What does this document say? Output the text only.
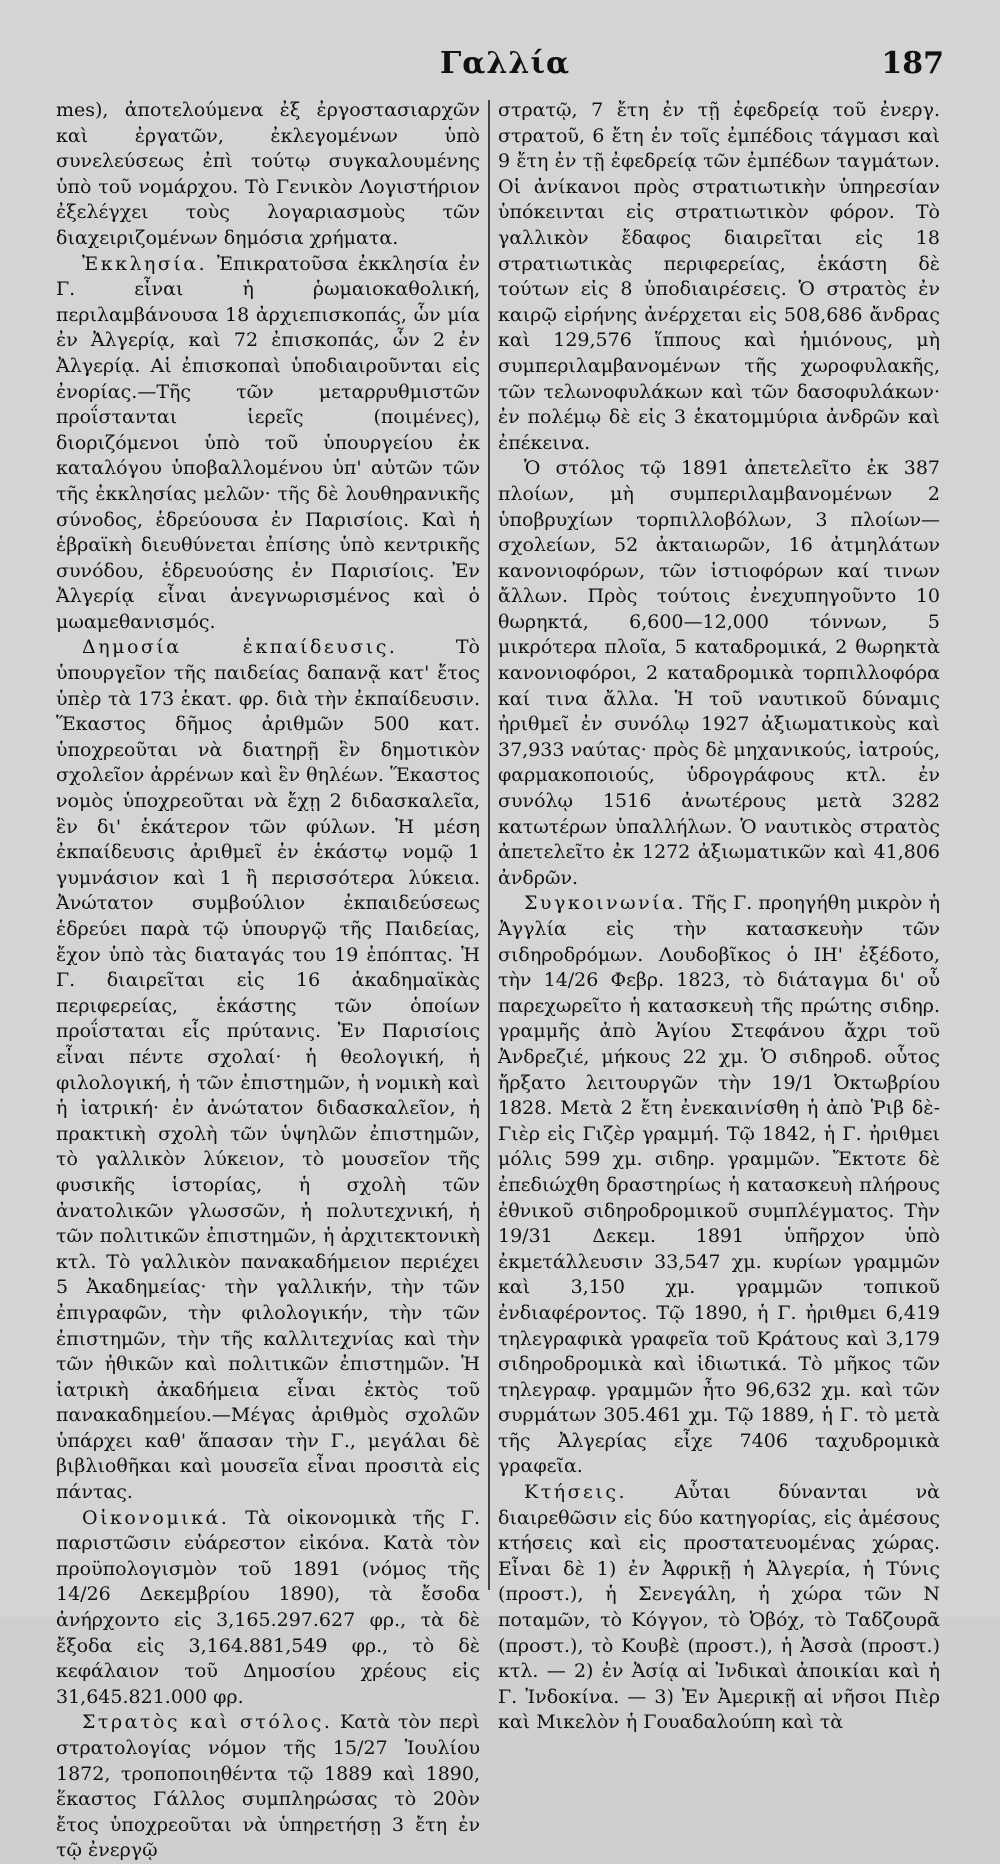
Γαλλία	187

mes), ἀποτελούμενα ἐξ ἐργοστασιαρχῶν καὶ ἐργατῶν, ἐκλεγομένων ὑπὸ συνελεύσεως ἐπὶ τούτῳ συγκαλουμένης ὑπὸ τοῦ νομάρχου. Τὸ Γενικὸν Λογιστήριον ἐξελέγχει τοὺς λογαριασμοὺς τῶν διαχειριζομένων δημόσια χρήματα.

Ἐκκλησία. Ἐπικρατοῦσα ἐκκλησία ἐν Γ. εἶναι ἡ ῥωμαιοκαθολική, περιλαμβάνουσα 18 ἀρχιεπισκοπάς, ὧν μία ἐν Ἀλγερίᾳ, καὶ 72 ἐπισκοπάς, ὧν 2 ἐν Ἀλγερίᾳ. Αἱ ἐπισκοπαὶ ὑποδιαιροῦνται εἰς ἐνορίας.—Τῆς τῶν μεταρρυθμιστῶν προΐστανται ἱερεῖς (ποιμένες), διοριζόμενοι ὑπὸ τοῦ ὑπουργείου ἐκ καταλόγου ὑποβαλλομένου ὑπ' αὐτῶν τῶν τῆς ἐκκλησίας μελῶν· τῆς δὲ λουθηρανικῆς σύνοδος, ἑδρεύουσα ἐν Παρισίοις. Καὶ ἡ ἑβραϊκὴ διευθύνεται ἐπίσης ὑπὸ κεντρικῆς συνόδου, ἑδρευούσης ἐν Παρισίοις. Ἐν Ἀλγερίᾳ εἶναι ἀνεγνωρισμένος καὶ ὁ μωαμεθανισμός.

Δημοσία ἐκπαίδευσις.	Τὸ ὑπουργεῖον τῆς παιδείας δαπανᾷ κατ' ἔτος ὑπὲρ τὰ 173 ἑκατ. φρ. διὰ τὴν ἐκπαίδευσιν. Ἕκαστος δῆμος ἀριθμῶν 500 κατ. ὑποχρεοῦται νὰ διατηρῇ ἓν δημοτικὸν σχολεῖον ἀρρένων καὶ ἓν θηλέων. Ἕκαστος νομὸς ὑποχρεοῦται νὰ ἔχῃ 2 διδασκαλεῖα, ἓν δι' ἑκάτερον τῶν φύλων. Ἡ μέση ἐκπαίδευσις ἀριθμεῖ ἐν ἑκάστῳ νομῷ 1 γυμνάσιον καὶ 1 ἢ περισσότερα λύκεια. Ἀνώτατον συμβούλιον ἐκπαιδεύσεως ἑδρεύει παρὰ τῷ ὑπουργῷ τῆς Παιδείας, ἔχον ὑπὸ τὰς διαταγάς του 19 ἐπόπτας. Ἡ Γ. διαιρεῖται εἰς 16 ἀκαδημαϊκὰς περιφερείας, ἑκάστης τῶν ὁποίων προΐσταται εἷς πρύτανις. Ἐν Παρισίοις εἶναι πέντε σχολαί· ἡ θεολογική, ἡ φιλολογική, ἡ τῶν ἐπιστημῶν, ἡ νομικὴ καὶ ἡ ἰατρική· ἐν ἀνώτατον διδασκαλεῖον, ἡ πρακτικὴ σχολὴ τῶν ὑψηλῶν ἐπιστημῶν, τὸ γαλλικὸν λύκειον, τὸ μουσεῖον τῆς φυσικῆς ἱστορίας, ἡ σχολὴ τῶν ἀνατολικῶν γλωσσῶν, ἡ πολυτεχνική, ἡ τῶν πολιτικῶν ἐπιστημῶν, ἡ ἀρχιτεκτονικὴ κτλ. Τὸ γαλλικὸν πανακαδήμειον περιέχει 5 Ἀκαδημείας· τὴν γαλλικήν, τὴν τῶν ἐπιγραφῶν, τὴν φιλολογικήν, τὴν τῶν ἐπιστημῶν, τὴν τῆς καλλιτεχνίας καὶ τὴν τῶν ἠθικῶν καὶ πολιτικῶν ἐπιστημῶν. Ἡ ἰατρικὴ ἀκαδήμεια εἶναι ἐκτὸς τοῦ πανακαδημείου.—Μέγας ἀριθμὸς σχολῶν ὑπάρχει καθ' ἅπασαν τὴν Γ., μεγάλαι δὲ βιβλιοθῆκαι καὶ μουσεῖα εἶναι προσιτὰ εἰς πάντας.

Οἰκονομικά. Τὰ οἰκονομικὰ τῆς Γ. παριστῶσιν εὐάρεστον εἰκόνα. Κατὰ τὸν προϋπολογισμὸν τοῦ 1891 (νόμος τῆς 14/26 Δεκεμβρίου 1890), τὰ ἔσοδα ἀνήρχοντο εἰς 3,165.297.627 φρ., τὰ δὲ ἔξοδα εἰς 3,164.881,549 φρ., τὸ δὲ κεφάλαιον τοῦ Δημοσίου χρέους εἰς 31,645.821.000 φρ.

Στρατὸς καὶ στόλος. Κατὰ τὸν περὶ στρατολογίας νόμον τῆς 15/27 Ἰουλίου 1872, τροποποιηθέντα τῷ 1889 καὶ 1890, ἕκαστος Γάλλος συμπληρώσας τὸ 20ὸν ἔτος ὑποχρεοῦται νὰ ὑπηρετήσῃ 3 ἔτη ἐν τῷ ἐνεργῷ

στρατῷ, 7 ἔτη ἐν τῇ ἐφεδρείᾳ τοῦ ἐνεργ. στρατοῦ, 6 ἔτη ἐν τοῖς ἐμπέδοις τάγμασι καὶ 9 ἔτη ἐν τῇ ἐφεδρείᾳ τῶν ἐμπέδων ταγμάτων. Οἱ ἀνίκανοι πρὸς στρατιωτικὴν ὑπηρεσίαν ὑπόκεινται εἰς στρατιωτικὸν φόρον. Τὸ γαλλικὸν ἔδαφος διαιρεῖται εἰς 18 στρατιωτικὰς περιφερείας, ἑκάστη δὲ τούτων εἰς 8 ὑποδιαιρέσεις. Ὁ στρατὸς ἐν καιρῷ εἰρήνης ἀνέρχεται εἰς 508,686 ἄνδρας καὶ 129,576 ἵππους καὶ ἡμιόνους, μὴ συμπεριλαμβανομένων τῆς χωροφυλακῆς, τῶν τελωνοφυλάκων καὶ τῶν δασοφυλάκων· ἐν πολέμῳ δὲ εἰς 3 ἑκατομμύρια ἀνδρῶν καὶ ἐπέκεινα.

Ὁ στόλος τῷ 1891 ἀπετελεῖτο ἐκ 387 πλοίων, μὴ συμπεριλαμβανομένων 2 ὑποβρυχίων τορπιλλοβόλων, 3 πλοίων—σχολείων, 52 ἀκταιωρῶν, 16 ἀτμηλάτων κανονιοφόρων, τῶν ἱστιοφόρων καί τινων ἄλλων. Πρὸς τούτοις ἐνεχυπηγοῦντο 10 θωρηκτά, 6,600—12,000 τόννων, 5 μικρότερα πλοῖα, 5 καταδρομικά, 2 θωρηκτὰ κανονιοφόροι, 2 καταδρομικὰ τορπιλλοφόρα καί τινα ἄλλα. Ἡ τοῦ ναυτικοῦ δύναμις ἠριθμεῖ ἐν συνόλῳ 1927 ἀξιωματικοὺς καὶ 37,933 ναύτας· πρὸς δὲ μηχανικούς, ἰατρούς, φαρμακοποιούς, ὑδρογράφους κτλ. ἐν συνόλῳ 1516 ἀνωτέρους μετὰ 3282 κατωτέρων ὑπαλλήλων. Ὁ ναυτικὸς στρατὸς ἀπετελεῖτο ἐκ 1272 ἀξιωματικῶν καὶ 41,806 ἀνδρῶν.

Συγκοινωνία. Τῆς Γ. προηγήθη μικρὸν ἡ Ἀγγλία εἰς τὴν κατασκευὴν τῶν σιδηροδρόμων. Λουδοβῖκος ὁ ΙΗ' ἐξέδοτο, τὴν 14/26 Φεβρ. 1823, τὸ διάταγμα δι' οὗ παρεχωρεῖτο ἡ κατασκευὴ τῆς πρώτης σιδηρ. γραμμῆς ἀπὸ Ἁγίου Στεφάνου ἄχρι τοῦ Ἀνδρεζιέ, μήκους 22 χμ. Ὁ σιδηροδ. οὗτος ἤρξατο λειτουργῶν τὴν 19/1 Ὀκτωβρίου 1828. Μετὰ 2 ἔτη ἐνεκαινίσθη ἡ ἀπὸ Ῥιβ δὲ-Γιὲρ εἰς Γιζὲρ γραμμή. Τῷ 1842, ἡ Γ. ἠριθμει μόλις 599 χμ. σιδηρ. γραμμῶν. Ἔκτοτε δὲ ἐπεδιώχθη δραστηρίως ἡ κατασκευὴ πλήρους ἐθνικοῦ σιδηροδρομικοῦ συμπλέγματος. Τὴν 19/31 Δεκεμ. 1891 ὑπῆρχον ὑπὸ ἐκμετάλλευσιν 33,547 χμ. κυρίων γραμμῶν καὶ 3,150 χμ. γραμμῶν τοπικοῦ ἐνδιαφέροντος. Τῷ 1890, ἡ Γ. ἠριθμει 6,419 τηλεγραφικὰ γραφεῖα τοῦ Κράτους καὶ 3,179 σιδηροδρομικὰ καὶ ἰδιωτικά. Τὸ μῆκος τῶν τηλεγραφ. γραμμῶν ἦτο 96,632 χμ. καὶ τῶν συρμάτων 305.461 χμ. Τῷ 1889, ἡ Γ. τὸ μετὰ τῆς Ἀλγερίας εἶχε 7406 ταχυδρομικὰ γραφεῖα.

Κτήσεις.	Αὗται δύνανται νὰ διαιρεθῶσιν εἰς δύο κατηγορίας, εἰς ἀμέσους κτήσεις καὶ εἰς προστατευομένας χώρας. Εἶναι δὲ 1) ἐν Ἀφρικῇ ἡ Ἀλγερία, ἡ Τύνις (προστ.), ἡ Σενεγάλη, ἡ χώρα τῶν Ν ποταμῶν, τὸ Κόγγον, τὸ Ὀβόχ, τὸ Ταδζουρᾶ (προστ.), τὸ Κουβὲ (προστ.), ἡ Ἀσσὰ (προστ.) κτλ. — 2) ἐν Ἀσίᾳ αἱ Ἰνδικαὶ ἀποικίαι καὶ ἡ Γ. Ἰνδοκίνα. — 3) Ἐν Ἀμερικῇ αἱ νῆσοι Πιὲρ καὶ Μικελὸν ἡ Γουαδαλούπη καὶ τὰ
